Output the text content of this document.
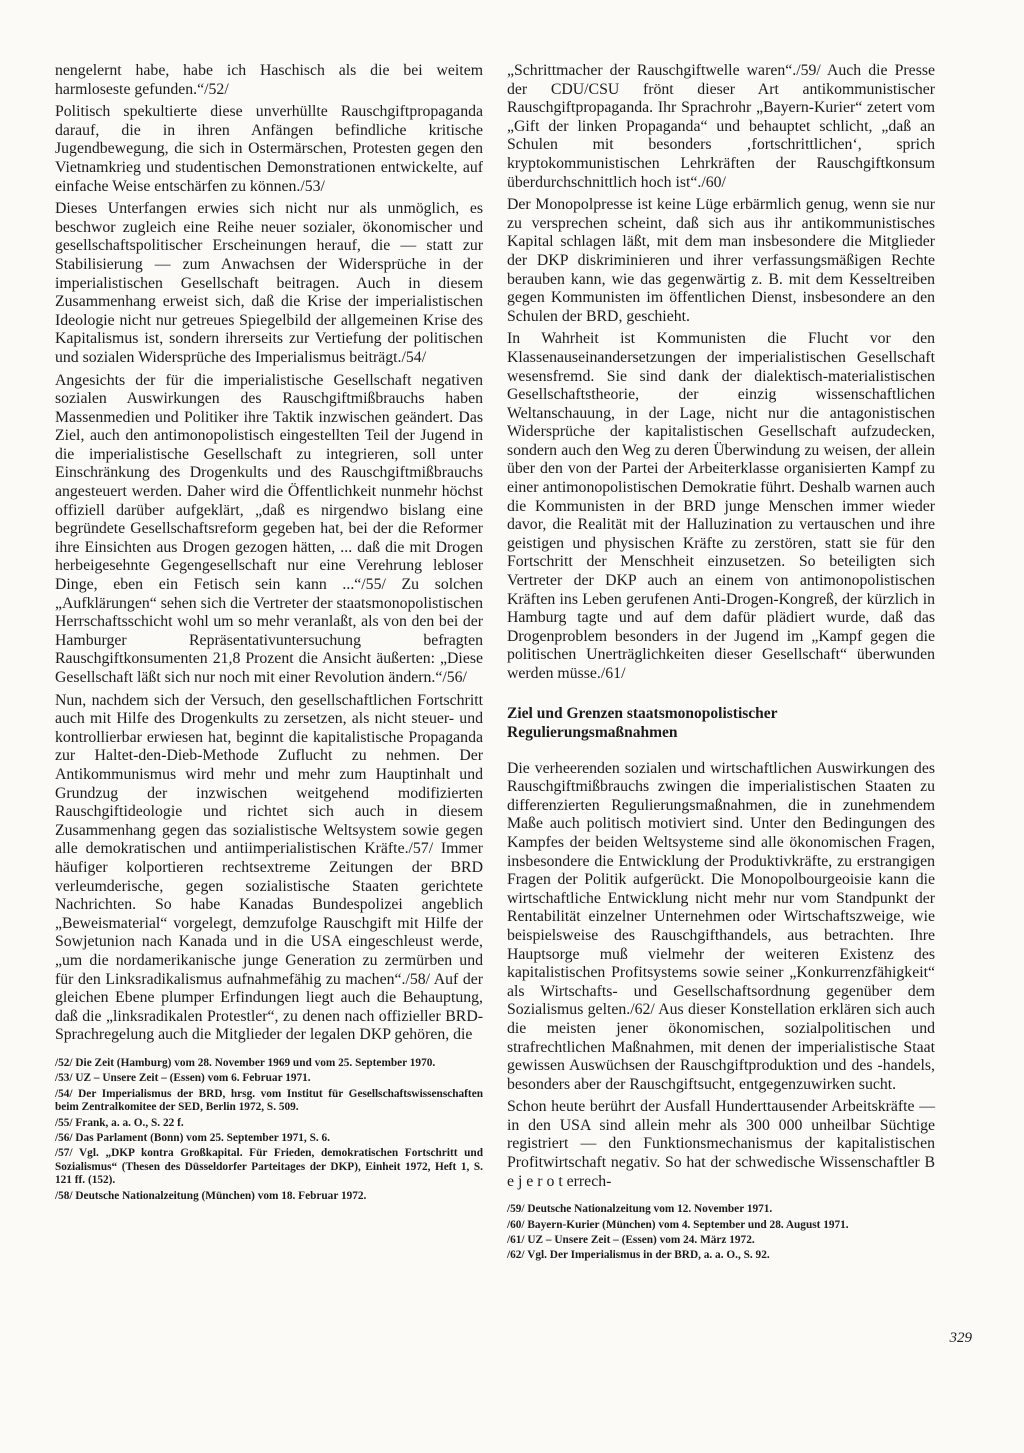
nengelernt habe, habe ich Haschisch als die bei weitem harmloseste gefunden.“/52/

Politisch spekultierte diese unverhüllte Rauschgiftpropaganda darauf, die in ihren Anfängen befindliche kritische Jugendbewegung, die sich in Ostermärschen, Protesten gegen den Vietnamkrieg und studentischen Demonstrationen entwickelte, auf einfache Weise entschärfen zu können./53/

Dieses Unterfangen erwies sich nicht nur als unmöglich, es beschwor zugleich eine Reihe neuer sozialer, ökonomischer und gesellschaftspolitischer Erscheinungen herauf, die — statt zur Stabilisierung — zum Anwachsen der Widersprüche in der imperialistischen Gesellschaft beitragen. Auch in diesem Zusammenhang erweist sich, daß die Krise der imperialistischen Ideologie nicht nur getreues Spiegelbild der allgemeinen Krise des Kapitalismus ist, sondern ihrerseits zur Vertiefung der politischen und sozialen Widersprüche des Imperialismus beiträgt./54/

Angesichts der für die imperialistische Gesellschaft negativen sozialen Auswirkungen des Rauschgiftmißbrauchs haben Massenmedien und Politiker ihre Taktik inzwischen geändert. Das Ziel, auch den antimonopolistisch eingestellten Teil der Jugend in die imperialistische Gesellschaft zu integrieren, soll unter Einschränkung des Drogenkults und des Rauschgiftmißbrauchs angesteuert werden. Daher wird die Öffentlichkeit nunmehr höchst offiziell darüber aufgeklärt, „daß es nirgendwo bislang eine begründete Gesellschaftsreform gegeben hat, bei der die Reformer ihre Einsichten aus Drogen gezogen hätten, ... daß die mit Drogen herbeigesehnte Gegengesellschaft nur eine Verehrung lebloser Dinge, eben ein Fetisch sein kann ...“/55/ Zu solchen „Aufklärungen“ sehen sich die Vertreter der staatsmonopolistischen Herrschaftsschicht wohl um so mehr veranlaßt, als von den bei der Hamburger Repräsentativuntersuchung befragten Rauschgiftkonsumenten 21,8 Prozent die Ansicht äußerten: „Diese Gesellschaft läßt sich nur noch mit einer Revolution ändern.“/56/

Nun, nachdem sich der Versuch, den gesellschaftlichen Fortschritt auch mit Hilfe des Drogenkults zu zersetzen, als nicht steuer- und kontrollierbar erwiesen hat, beginnt die kapitalistische Propaganda zur Haltet-den-Dieb-Methode Zuflucht zu nehmen. Der Antikommunismus wird mehr und mehr zum Hauptinhalt und Grundzug der inzwischen weitgehend modifizierten Rauschgiftideologie und richtet sich auch in diesem Zusammenhang gegen das sozialistische Weltsystem sowie gegen alle demokratischen und antiimperialistischen Kräfte./57/ Immer häufiger kolportieren rechtsextreme Zeitungen der BRD verleumderische, gegen sozialistische Staaten gerichtete Nachrichten. So habe Kanadas Bundespolizei angeblich „Beweismaterial“ vorgelegt, demzufolge Rauschgift mit Hilfe der Sowjetunion nach Kanada und in die USA eingeschleust werde, „um die nordamerikanische junge Generation zu zermürben und für den Linksradikalismus aufnahmefähig zu machen“./58/ Auf der gleichen Ebene plumper Erfindungen liegt auch die Behauptung, daß die „linksradikalen Protestler“, zu denen nach offizieller BRD-Sprachregelung auch die Mitglieder der legalen DKP gehören, die

/52/ Die Zeit (Hamburg) vom 28. November 1969 und vom 25. September 1970.

/53/ UZ – Unsere Zeit – (Essen) vom 6. Februar 1971.

/54/ Der Imperialismus der BRD, hrsg. vom Institut für Gesellschaftswissenschaften beim Zentralkomitee der SED, Berlin 1972, S. 509.

/55/ Frank, a. a. O., S. 22 f.

/56/ Das Parlament (Bonn) vom 25. September 1971, S. 6.

/57/ Vgl. „DKP kontra Großkapital. Für Frieden, demokratischen Fortschritt und Sozialismus“ (Thesen des Düsseldorfer Parteitages der DKP), Einheit 1972, Heft 1, S. 121 ff. (152).

/58/ Deutsche Nationalzeitung (München) vom 18. Februar 1972.

„Schrittmacher der Rauschgiftwelle waren“./59/ Auch die Presse der CDU/CSU frönt dieser Art antikommunistischer Rauschgiftpropaganda. Ihr Sprachrohr „Bayern-Kurier“ zetert vom „Gift der linken Propaganda“ und behauptet schlicht, „daß an Schulen mit besonders ‚fortschrittlichen‘, sprich kryptokommunistischen Lehrkräften der Rauschgiftkonsum überdurchschnittlich hoch ist“./60/

Der Monopolpresse ist keine Lüge erbärmlich genug, wenn sie nur zu versprechen scheint, daß sich aus ihr antikommunistisches Kapital schlagen läßt, mit dem man insbesondere die Mitglieder der DKP diskriminieren und ihrer verfassungsmäßigen Rechte berauben kann, wie das gegenwärtig z. B. mit dem Kesseltreiben gegen Kommunisten im öffentlichen Dienst, insbesondere an den Schulen der BRD, geschieht.

In Wahrheit ist Kommunisten die Flucht vor den Klassenauseinandersetzungen der imperialistischen Gesellschaft wesensfremd. Sie sind dank der dialektisch-materialistischen Gesellschaftstheorie, der einzig wissenschaftlichen Weltanschauung, in der Lage, nicht nur die antagonistischen Widersprüche der kapitalistischen Gesellschaft aufzudecken, sondern auch den Weg zu deren Überwindung zu weisen, der allein über den von der Partei der Arbeiterklasse organisierten Kampf zu einer antimonopolistischen Demokratie führt. Deshalb warnen auch die Kommunisten in der BRD junge Menschen immer wieder davor, die Realität mit der Halluzination zu vertauschen und ihre geistigen und physischen Kräfte zu zerstören, statt sie für den Fortschritt der Menschheit einzusetzen. So beteiligten sich Vertreter der DKP auch an einem von antimonopolistischen Kräften ins Leben gerufenen Anti-Drogen-Kongreß, der kürzlich in Hamburg tagte und auf dem dafür plädiert wurde, daß das Drogenproblem besonders in der Jugend im „Kampf gegen die politischen Unerträglichkeiten dieser Gesellschaft“ überwunden werden müsse./61/

Ziel und Grenzen staatsmonopolistischer Regulierungsmaßnahmen

Die verheerenden sozialen und wirtschaftlichen Auswirkungen des Rauschgiftmißbrauchs zwingen die imperialistischen Staaten zu differenzierten Regulierungsmaßnahmen, die in zunehmendem Maße auch politisch motiviert sind. Unter den Bedingungen des Kampfes der beiden Weltsysteme sind alle ökonomischen Fragen, insbesondere die Entwicklung der Produktivkräfte, zu erstrangigen Fragen der Politik aufgerückt. Die Monopolbourgeoisie kann die wirtschaftliche Entwicklung nicht mehr nur vom Standpunkt der Rentabilität einzelner Unternehmen oder Wirtschaftszweige, wie beispielsweise des Rauschgifthandels, aus betrachten. Ihre Hauptsorge muß vielmehr der weiteren Existenz des kapitalistischen Profitsystems sowie seiner „Konkurrenzfähigkeit“ als Wirtschafts- und Gesellschaftsordnung gegenüber dem Sozialismus gelten./62/ Aus dieser Konstellation erklären sich auch die meisten jener ökonomischen, sozialpolitischen und strafrechtlichen Maßnahmen, mit denen der imperialistische Staat gewissen Auswüchsen der Rauschgiftproduktion und des -handels, besonders aber der Rauschgiftsucht, entgegenzuwirken sucht.

Schon heute berührt der Ausfall Hunderttausender Arbeitskräfte — in den USA sind allein mehr als 300 000 unheilbar Süchtige registriert — den Funktionsmechanismus der kapitalistischen Profitwirtschaft negativ. So hat der schwedische Wissenschaftler B e j e r o t errech-

/59/ Deutsche Nationalzeitung vom 12. November 1971.

/60/ Bayern-Kurier (München) vom 4. September und 28. August 1971.

/61/ UZ – Unsere Zeit – (Essen) vom 24. März 1972.

/62/ Vgl. Der Imperialismus in der BRD, a. a. O., S. 92.

329
